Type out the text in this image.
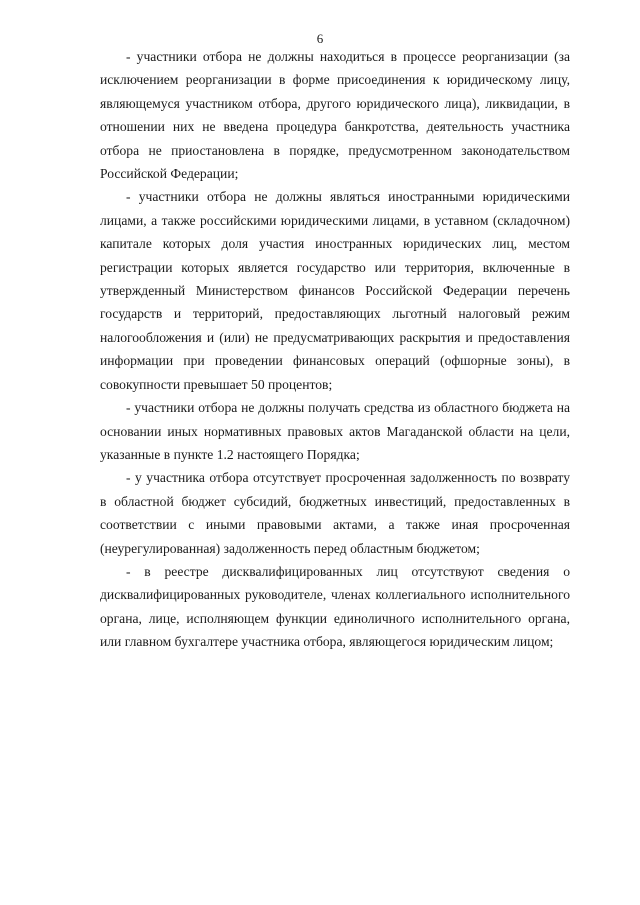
6

- участники отбора не должны находиться в процессе реорганизации (за исключением реорганизации в форме присоединения к юридическому лицу, являющемуся участником отбора, другого юридического лица), ликвидации, в отношении них не введена процедура банкротства, деятельность участника отбора не приостановлена в порядке, предусмотренном законодательством Российской Федерации;

- участники отбора не должны являться иностранными юридическими лицами, а также российскими юридическими лицами, в уставном (складочном) капитале которых доля участия иностранных юридических лиц, местом регистрации которых является государство или территория, включенные в утвержденный Министерством финансов Российской Федерации перечень государств и территорий, предоставляющих льготный налоговый режим налогообложения и (или) не предусматривающих раскрытия и предоставления информации при проведении финансовых операций (офшорные зоны), в совокупности превышает 50 процентов;

- участники отбора не должны получать средства из областного бюджета на основании иных нормативных правовых актов Магаданской области на цели, указанные в пункте 1.2 настоящего Порядка;

- у участника отбора отсутствует просроченная задолженность по возврату в областной бюджет субсидий, бюджетных инвестиций, предоставленных в соответствии с иными правовыми актами, а также иная просроченная (неурегулированная) задолженность перед областным бюджетом;

- в реестре дисквалифицированных лиц отсутствуют сведения о дисквалифицированных руководителе, членах коллегиального исполнительного органа, лице, исполняющем функции единоличного исполнительного органа, или главном бухгалтере участника отбора, являющегося юридическим лицом;
